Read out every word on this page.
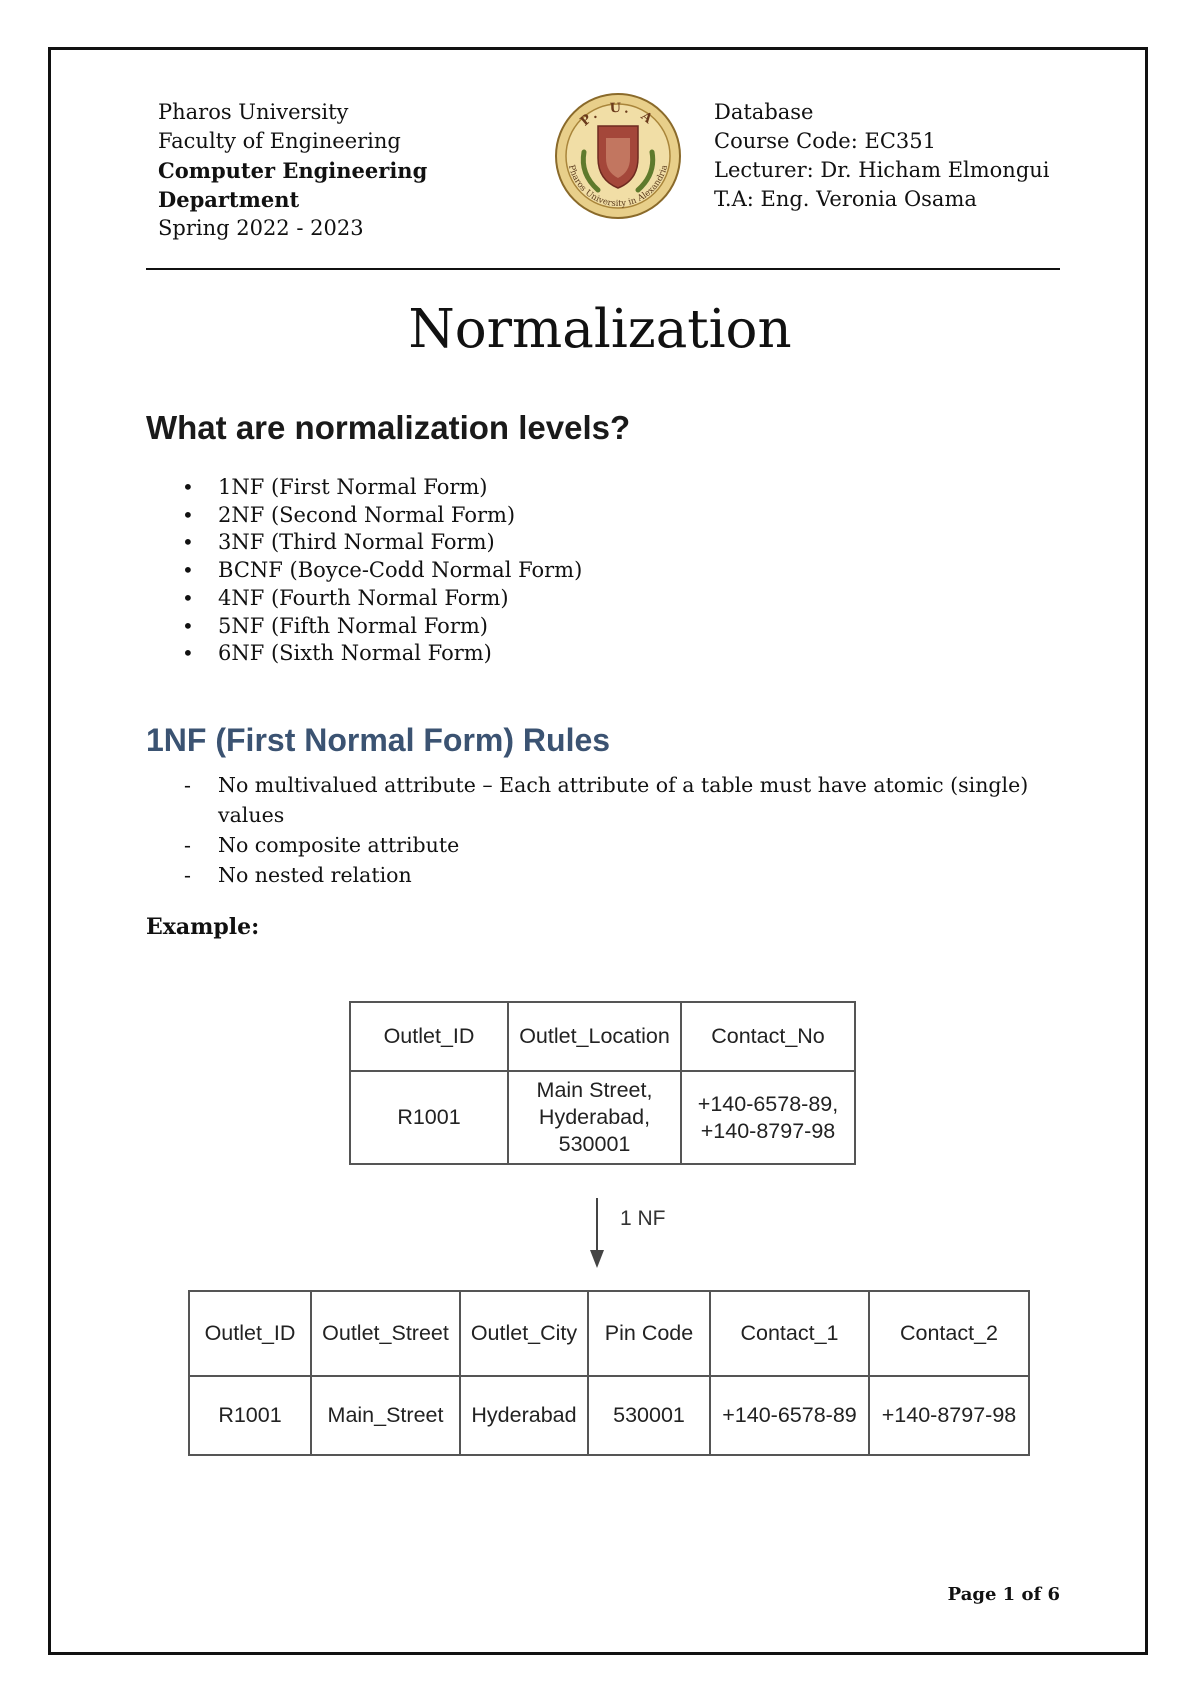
Pharos University
Faculty of Engineering
Computer Engineering
Department
Spring 2022 - 2023
P. U. A
Pharos University in Alexandria
Database
Course Code: EC351
Lecturer: Dr. Hicham Elmongui
T.A: Eng. Veronia Osama
Normalization
What are normalization levels?
• 1NF (First Normal Form)
• 2NF (Second Normal Form)
• 3NF (Third Normal Form)
• BCNF (Boyce-Codd Normal Form)
• 4NF (Fourth Normal Form)
• 5NF (Fifth Normal Form)
• 6NF (Sixth Normal Form)
1NF (First Normal Form) Rules
- No multivalued attribute – Each attribute of a table must have atomic (single) values
- No composite attribute
- No nested relation
Example:
Outlet_ID	Outlet_Location	Contact_No
R1001	Main Street, Hyderabad, 530001	+140-6578-89, +140-8797-98
1 NF
Outlet_ID	Outlet_Street	Outlet_City	Pin Code	Contact_1	Contact_2
R1001	Main_Street	Hyderabad	530001	+140-6578-89	+140-8797-98
Page 1 of 6
